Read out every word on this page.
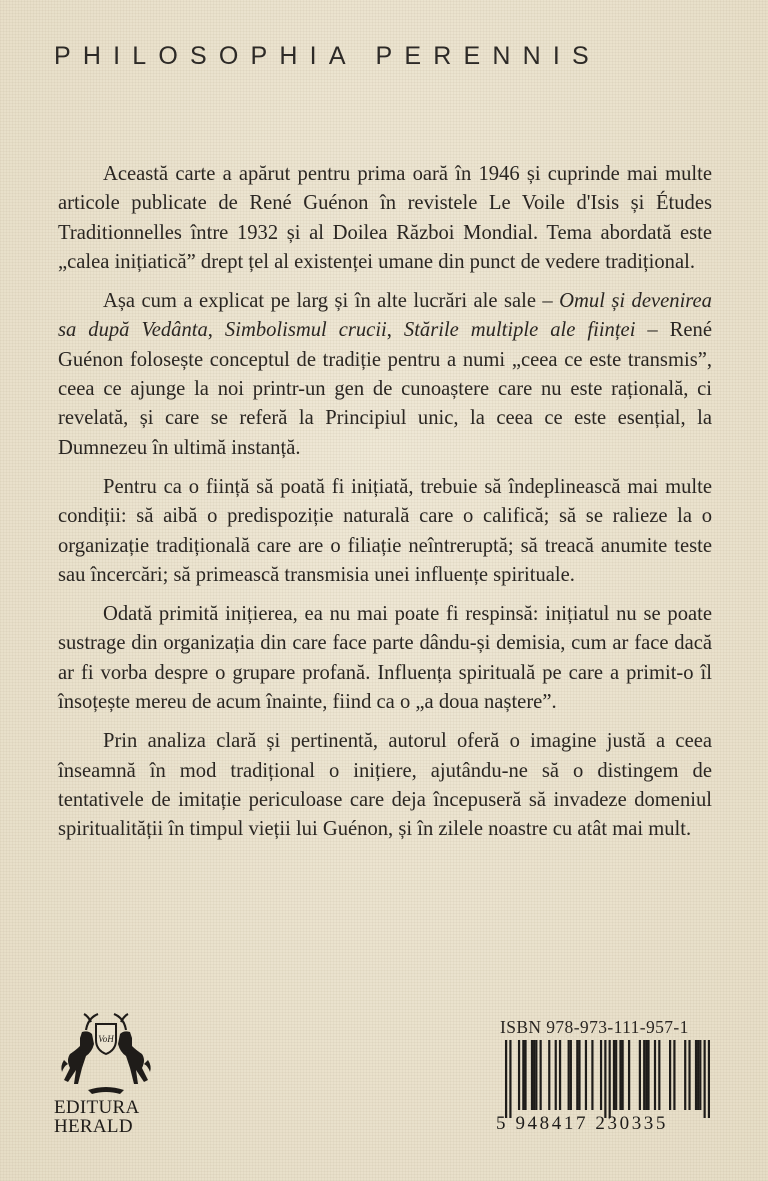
PHILOSOPHIA PERENNIS

Această carte a apărut pentru prima oară în 1946 și cuprinde mai multe articole publicate de René Guénon în revistele Le Voile d'Isis și Études Traditionnelles între 1932 și al Doilea Război Mondial. Tema abordată este „calea inițiatică” drept țel al existenței umane din punct de vedere tradițional.

Așa cum a explicat pe larg și în alte lucrări ale sale – Omul și devenirea sa după Vedânta, Simbolismul crucii, Stările multiple ale ființei – René Guénon folosește conceptul de tradiție pentru a numi „ceea ce este transmis”, ceea ce ajunge la noi printr-un gen de cunoaștere care nu este rațională, ci revelată, și care se referă la Principiul unic, la ceea ce este esențial, la Dumnezeu în ultimă instanță.

Pentru ca o ființă să poată fi inițiată, trebuie să îndeplinească mai multe condiții: să aibă o predispoziție naturală care o califică; să se ralieze la o organizație tradițională care are o filiație neîntreruptă; să treacă anumite teste sau încercări; să primească transmisia unei influențe spirituale.

Odată primită inițierea, ea nu mai poate fi respinsă: inițiatul nu se poate sustrage din organizația din care face parte dându-și demisia, cum ar face dacă ar fi vorba despre o grupare profană. Influența spirituală pe care a primit-o îl însoțește mereu de acum înainte, fiind ca o „a doua naștere”.

Prin analiza clară și pertinentă, autorul oferă o imagine justă a ceea înseamnă în mod tradițional o inițiere, ajutându-ne să o distingem de tentativele de imitație periculoase care deja începuseră să invadeze domeniul spiritualității în timpul vieții lui Guénon, și în zilele noastre cu atât mai mult.

VoH
EDITURA
HERALD
ISBN 978-973-111-957-1
5 948417 230335
